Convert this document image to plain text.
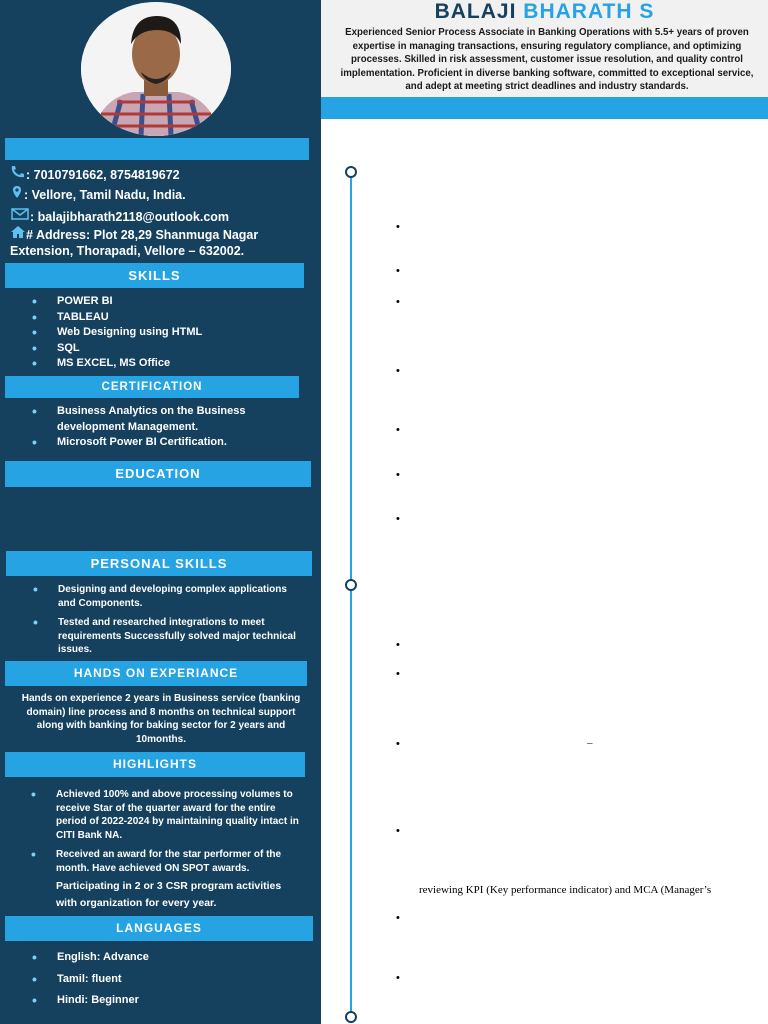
: 7010791662, 8754819672
: Vellore, Tamil Nadu, India.
: balajibharath2118@outlook.com
# Address: Plot 28,29 Shanmuga Nagar
Extension, Thorapadi, Vellore – 632002.
SKILLS
• POWER BI
• TABLEAU
• Web Designing using HTML
• SQL
• MS EXCEL, MS Office
CERTIFICATION
• Business Analytics on the Business development Management.
• Microsoft Power BI Certification.
EDUCATION
PERSONAL SKILLS
• Designing and developing complex applications and Components.
• Tested and researched integrations to meet requirements Successfully solved major technical issues.
HANDS ON EXPERIANCE
Hands on experience 2 years in Business service (banking domain) line process and 8 months on technical support along with banking for baking sector for 2 years and 10months.
HIGHLIGHTS
• Achieved 100% and above processing volumes to receive Star of the quarter award for the entire period of 2022-2024 by maintaining quality intact in CITI Bank NA.
• Received an award for the star performer of the month. Have achieved ON SPOT awards.
Participating in 2 or 3 CSR program activities with organization for every year.
LANGUAGES
• English: Advance
• Tamil: fluent
• Hindi: Beginner
BALAJI BHARATH S
Experienced Senior Process Associate in Banking Operations with 5.5+ years of proven expertise in managing transactions, ensuring regulatory compliance, and optimizing processes. Skilled in risk assessment, customer issue resolution, and quality control implementation. Proficient in diverse banking software, committed to exceptional service, and adept at meeting strict deadlines and industry standards.
•
•
•
•
•
•
•
•
•
•	–
•
reviewing KPI (Key performance indicator) and MCA (Manager’s
•
•
